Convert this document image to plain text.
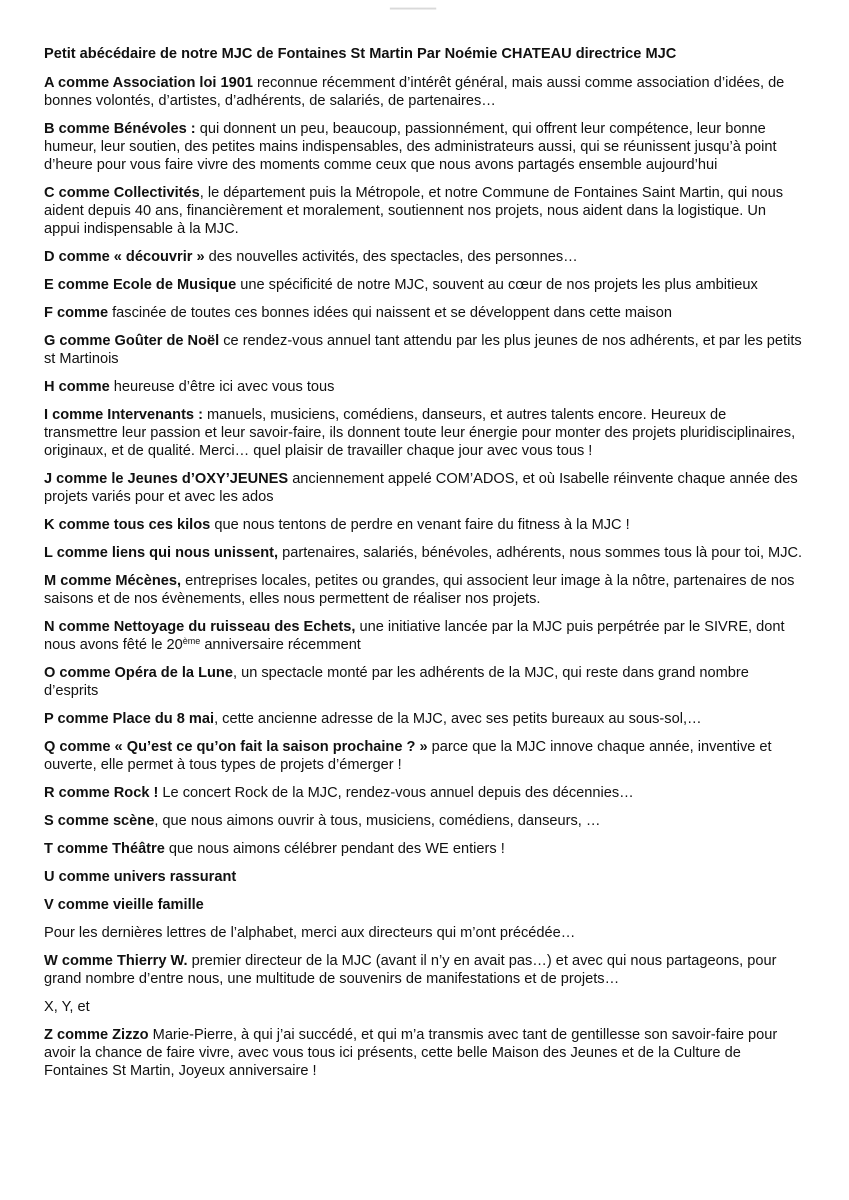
▔▔▔▔▔
Petit abécédaire de notre MJC de Fontaines St Martin Par Noémie CHATEAU directrice MJC
A comme Association loi 1901 reconnue récemment d’intérêt général, mais aussi comme association d’idées, de bonnes volontés, d’artistes, d’adhérents, de salariés, de partenaires…
B comme Bénévoles : qui donnent un peu, beaucoup, passionnément, qui offrent leur compétence, leur bonne humeur, leur soutien, des petites mains indispensables, des administrateurs aussi, qui se réunissent jusqu’à point d’heure pour vous faire vivre des moments comme ceux que nous avons partagés ensemble aujourd’hui
C comme Collectivités, le département puis la Métropole, et notre Commune de Fontaines Saint Martin, qui nous aident depuis 40 ans, financièrement et moralement, soutiennent nos projets, nous aident dans la logistique. Un appui indispensable à la MJC.
D comme « découvrir » des nouvelles activités, des spectacles, des personnes…
E comme Ecole de Musique une spécificité de notre MJC, souvent au cœur de nos projets les plus ambitieux
F comme fascinée de toutes ces bonnes idées qui naissent et se développent dans cette maison
G comme Goûter de Noël ce rendez-vous annuel tant attendu par les plus jeunes de nos adhérents, et par les petits st Martinois
H comme heureuse d’être ici avec vous tous
I comme Intervenants : manuels, musiciens, comédiens, danseurs, et autres talents encore. Heureux de transmettre leur passion et leur savoir-faire, ils donnent toute leur énergie pour monter des projets pluridisciplinaires, originaux, et de qualité. Merci… quel plaisir de travailler chaque jour avec vous tous !
J comme le Jeunes d’OXY’JEUNES anciennement appelé COM’ADOS, et où Isabelle réinvente chaque année des projets variés pour et avec les ados
K comme tous ces kilos que nous tentons de perdre en venant faire du fitness à la MJC !
L comme liens qui nous unissent, partenaires, salariés, bénévoles, adhérents, nous sommes tous là pour toi, MJC.
M comme Mécènes, entreprises locales, petites ou grandes, qui associent leur image à la nôtre, partenaires de nos saisons et de nos évènements, elles nous permettent de réaliser nos projets.
N comme Nettoyage du ruisseau des Echets, une initiative lancée par la MJC puis perpétrée par le SIVRE, dont nous avons fêté le 20ème anniversaire récemment
O comme Opéra de la Lune, un spectacle monté par les adhérents de la MJC, qui reste dans grand nombre d’esprits
P comme Place du 8 mai, cette ancienne adresse de la MJC, avec ses petits bureaux au sous-sol,…
Q comme « Qu’est ce qu’on fait la saison prochaine ? » parce que la MJC innove chaque année, inventive et ouverte, elle permet à tous types de projets d’émerger !
R comme Rock ! Le concert Rock de la MJC, rendez-vous annuel depuis des décennies…
S comme scène, que nous aimons ouvrir à tous, musiciens, comédiens, danseurs, …
T comme Théâtre que nous aimons célébrer pendant des WE entiers !
U comme univers rassurant
V comme vieille famille
Pour les dernières lettres de l’alphabet, merci aux directeurs qui m’ont précédée…
W comme Thierry W. premier directeur de la MJC (avant il n’y en avait pas…) et avec qui nous partageons, pour grand nombre d’entre nous, une multitude de souvenirs de manifestations et de projets…
X, Y, et
Z comme Zizzo Marie-Pierre, à qui j’ai succédé, et qui m’a transmis avec tant de gentillesse son savoir-faire pour avoir la chance de faire vivre, avec vous tous ici présents, cette belle Maison des Jeunes et de la Culture de Fontaines St Martin, Joyeux anniversaire !
